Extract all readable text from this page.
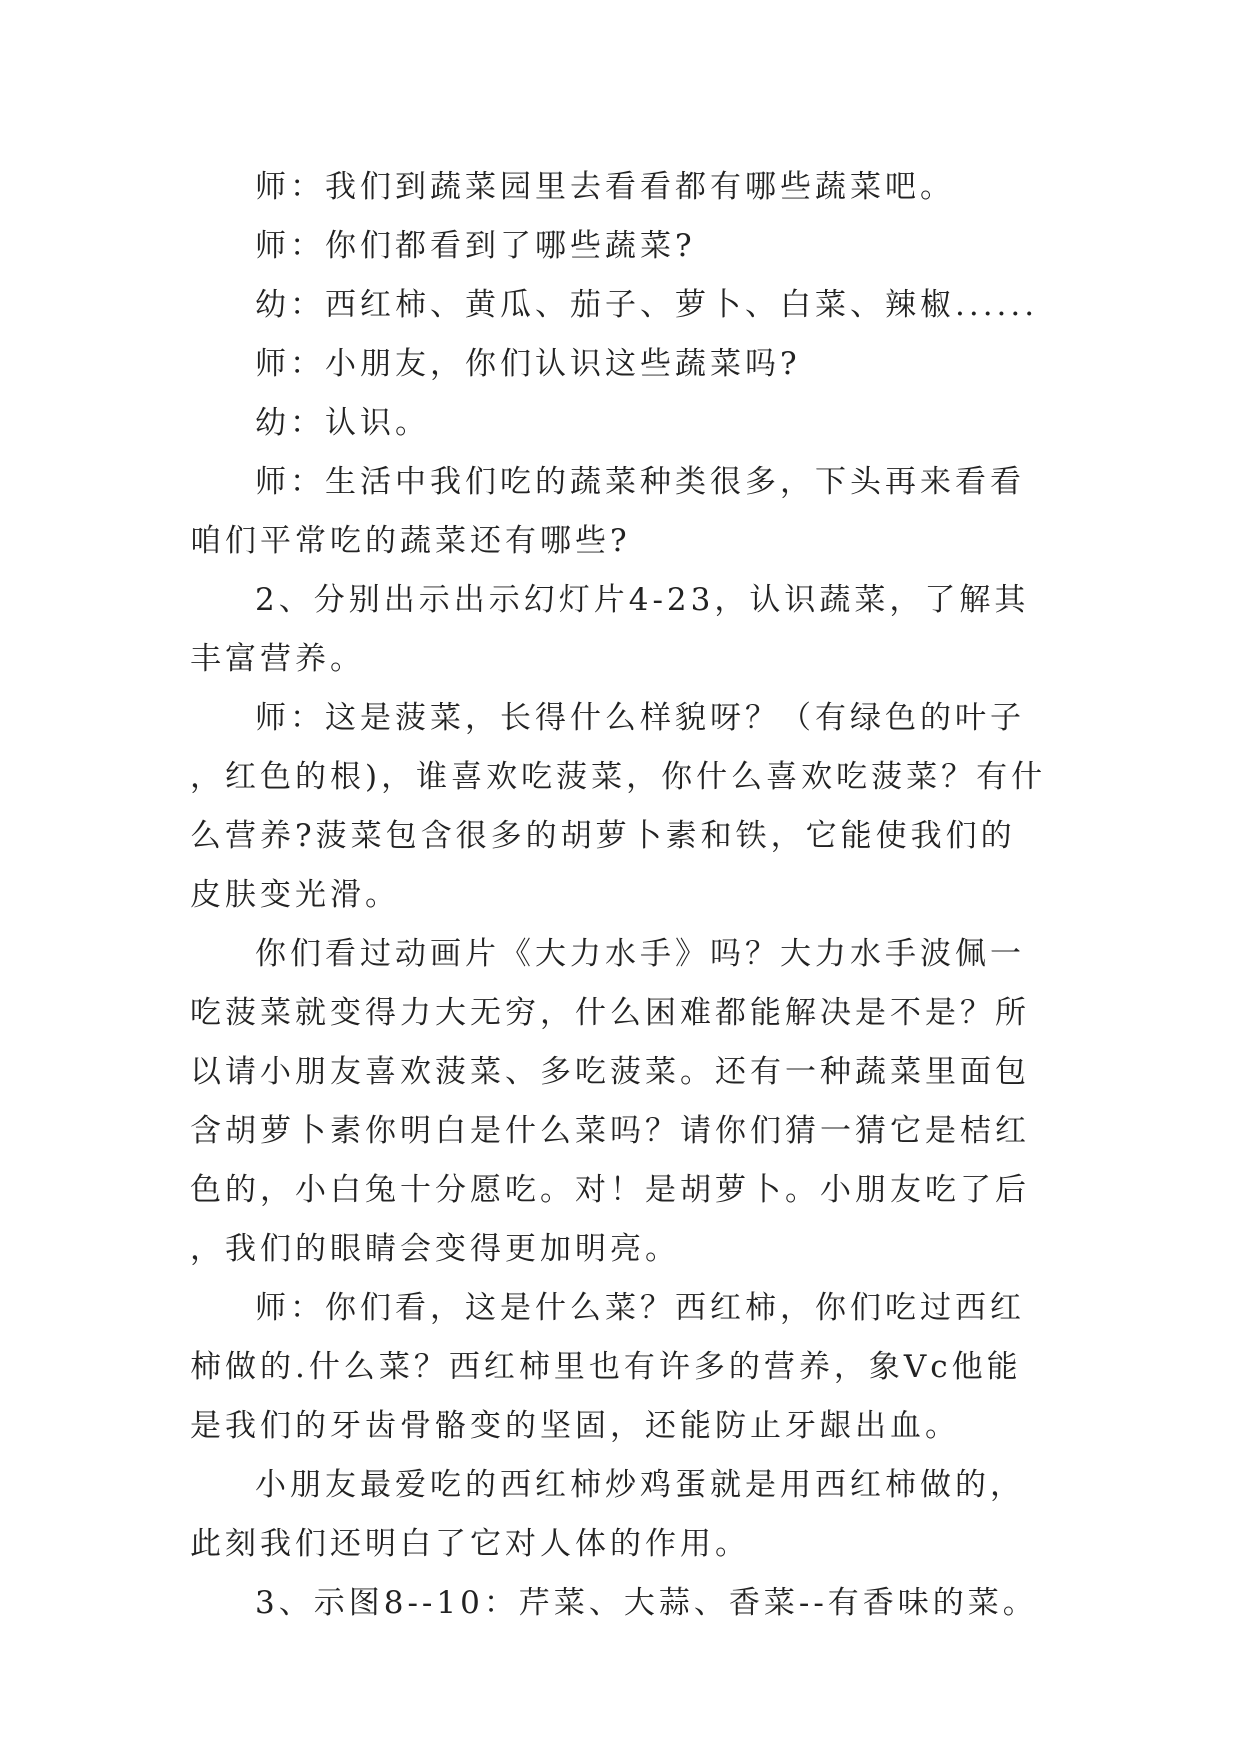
师：我们到蔬菜园里去看看都有哪些蔬菜吧。

师：你们都看到了哪些蔬菜?

幼：西红柿、黄瓜、茄子、萝卜、白菜、辣椒......

师：小朋友，你们认识这些蔬菜吗?

幼：认识。

师：生活中我们吃的蔬菜种类很多，下头再来看看咱们平常吃的蔬菜还有哪些?

2、分别出示出示幻灯片4-23，认识蔬菜，了解其丰富营养。

师：这是菠菜，长得什么样貌呀？（有绿色的叶子，红色的根)，谁喜欢吃菠菜，你什么喜欢吃菠菜？有什么营养?菠菜包含很多的胡萝卜素和铁，它能使我们的皮肤变光滑。

你们看过动画片《大力水手》吗？大力水手波佩一吃菠菜就变得力大无穷，什么困难都能解决是不是？所以请小朋友喜欢菠菜、多吃菠菜。还有一种蔬菜里面包含胡萝卜素你明白是什么菜吗？请你们猜一猜它是桔红色的，小白兔十分愿吃。对！是胡萝卜。小朋友吃了后，我们的眼睛会变得更加明亮。

师：你们看，这是什么菜？西红柿，你们吃过西红柿做的.什么菜？西红柿里也有许多的营养，象Vc他能是我们的牙齿骨骼变的坚固，还能防止牙龈出血。

小朋友最爱吃的西红柿炒鸡蛋就是用西红柿做的，此刻我们还明白了它对人体的作用。

3、示图8--10：芹菜、大蒜、香菜--有香味的菜。
